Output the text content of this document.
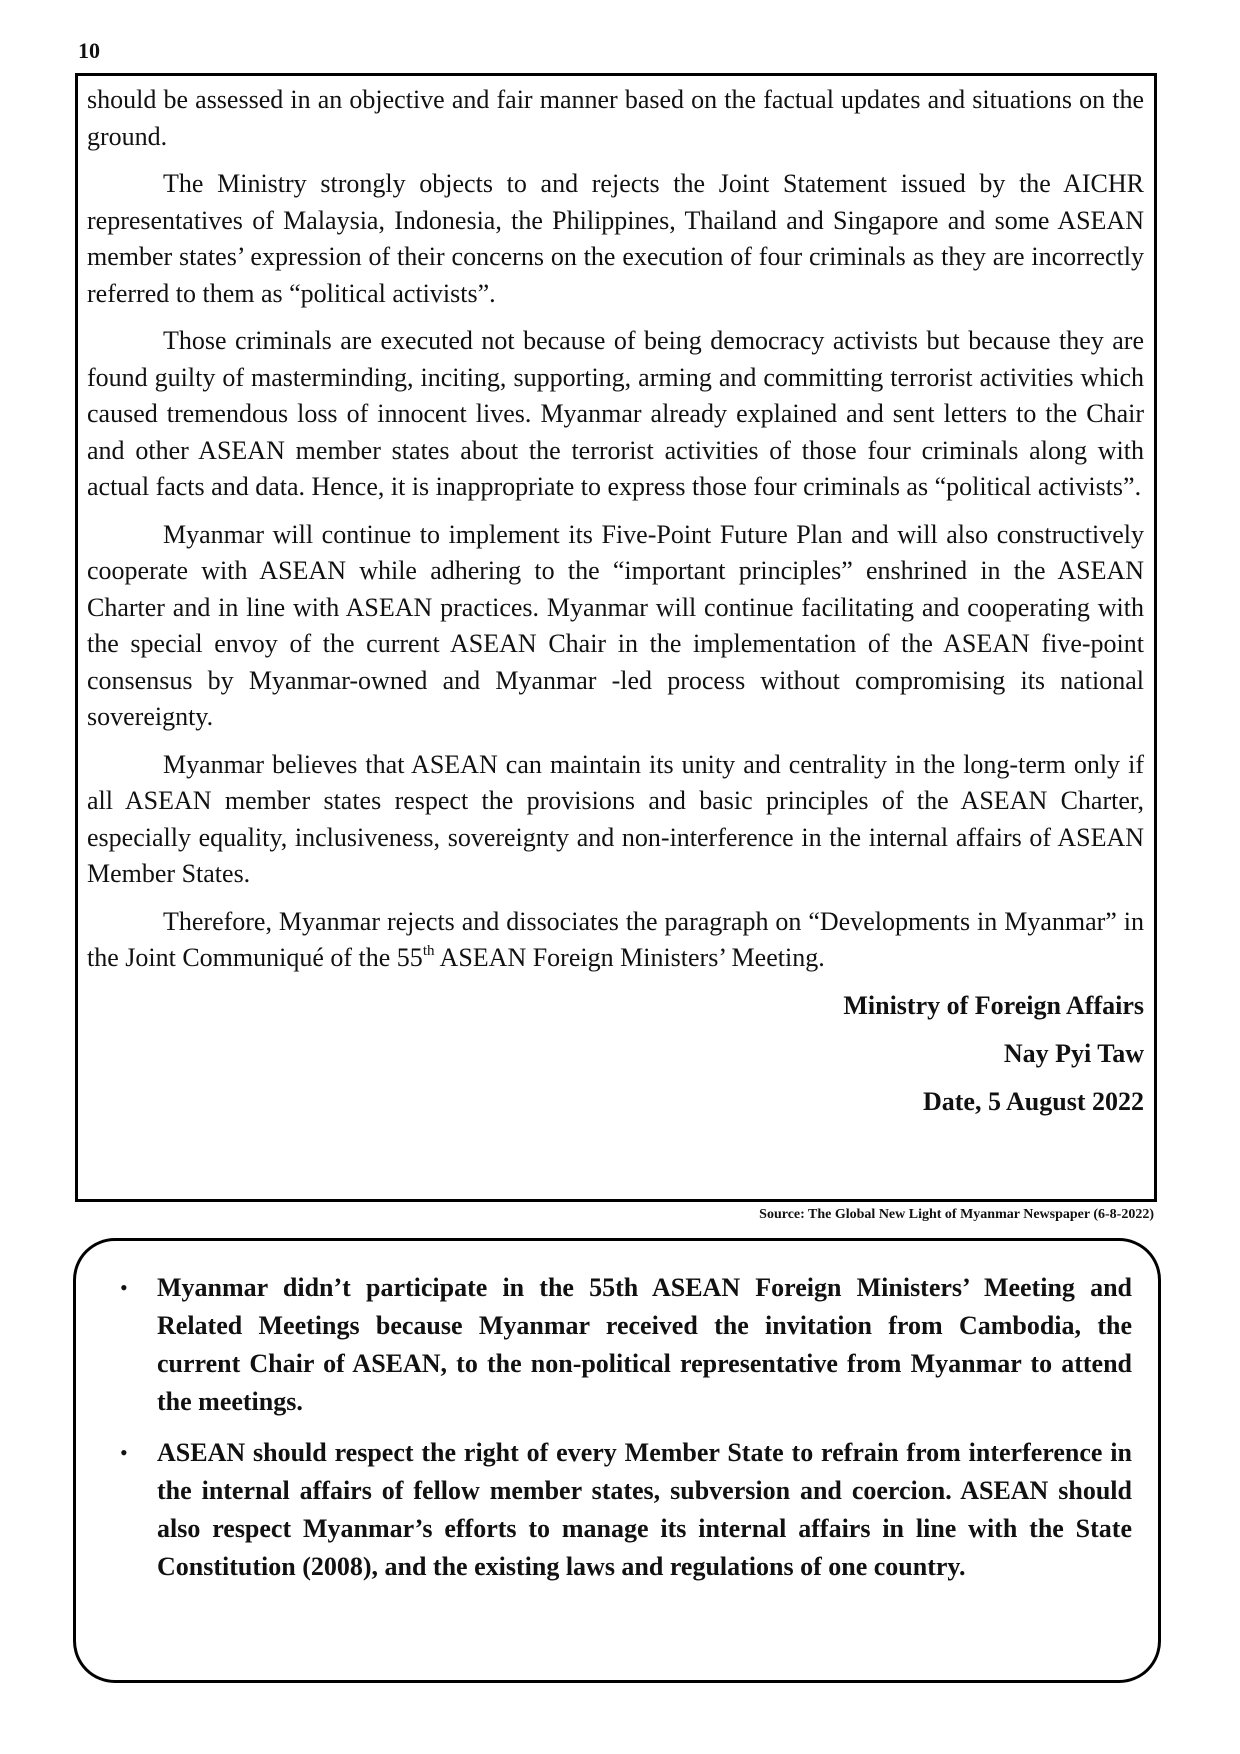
10

should be assessed in an objective and fair manner based on the factual updates and situations on the ground.

The Ministry strongly objects to and rejects the Joint Statement issued by the AICHR representatives of Malaysia, Indonesia, the Philippines, Thailand and Singapore and some ASEAN member states’ expression of their concerns on the execution of four criminals as they are incorrectly referred to them as “political activists”.

Those criminals are executed not because of being democracy activists but because they are found guilty of masterminding, inciting, supporting, arming and committing terrorist activities which caused tremendous loss of innocent lives. Myanmar already explained and sent letters to the Chair and other ASEAN member states about the terrorist activities of those four criminals along with actual facts and data. Hence, it is inappropriate to express those four criminals as “political activists”.

Myanmar will continue to implement its Five-Point Future Plan and will also constructively cooperate with ASEAN while adhering to the “important principles” enshrined in the ASEAN Charter and in line with ASEAN practices. Myanmar will continue facilitating and cooperating with the special envoy of the current ASEAN Chair in the implementation of the ASEAN five-point consensus by Myanmar-owned and Myanmar -led process without compromising its national sovereignty.

Myanmar believes that ASEAN can maintain its unity and centrality in the long-term only if all ASEAN member states respect the provisions and basic principles of the ASEAN Charter, especially equality, inclusiveness, sovereignty and non-interference in the internal affairs of ASEAN Member States.

Therefore, Myanmar rejects and dissociates the paragraph on “Developments in Myanmar” in the Joint Communiqué of the 55th ASEAN Foreign Ministers’ Meeting.

Ministry of Foreign Affairs

Nay Pyi Taw

Date, 5 August 2022

Source: The Global New Light of Myanmar Newspaper (6-8-2022)
•	Myanmar didn’t participate in the 55th ASEAN Foreign Ministers’ Meeting and Related Meetings because Myanmar received the invitation from Cambodia, the current Chair of ASEAN, to the non-political representative from Myanmar to attend the meetings.
•	ASEAN should respect the right of every Member State to refrain from interference in the internal affairs of fellow member states, subversion and coercion. ASEAN should also respect Myanmar’s efforts to manage its internal affairs in line with the State Constitution (2008), and the existing laws and regulations of one country.
